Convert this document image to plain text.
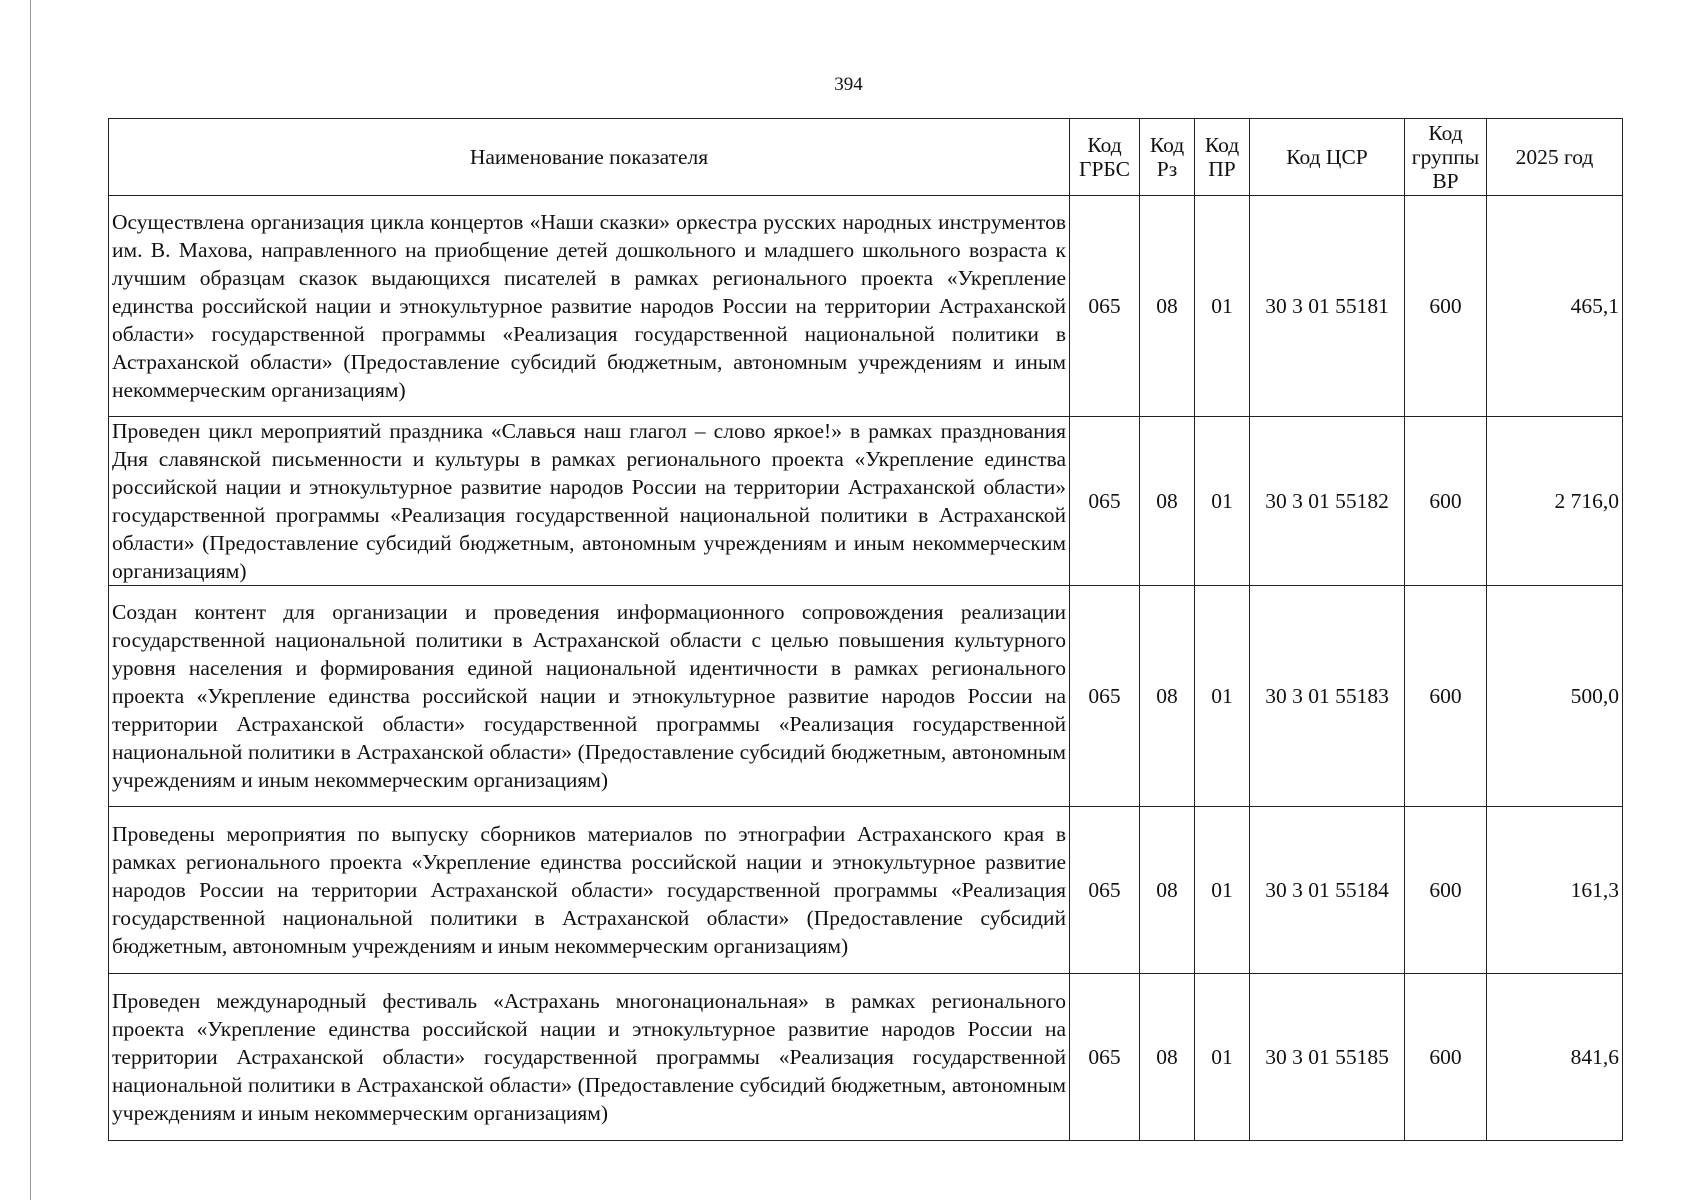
394
Наименование показателя	Код ГРБС	Код Рз	Код ПР	Код ЦСР	Код группы ВР	2025 год
Осуществлена организация цикла концертов «Наши сказки» оркестра русских народных инструментов им. В. Махова, направленного на приобщение детей дошкольного и младшего школьного возраста к лучшим образцам сказок выдающихся писателей в рамках регионального проекта «Укрепление единства российской нации и этнокультурное развитие народов России на территории Астраханской области» государственной программы «Реализация государственной национальной политики в Астраханской области» (Предоставление субсидий бюджетным, автономным учреждениям и иным некоммерческим организациям)	065	08	01	30 3 01 55181	600	465,1
Проведен цикл мероприятий праздника «Славься наш глагол – слово яркое!» в рамках празднования Дня славянской письменности и культуры в рамках регионального проекта «Укрепление единства российской нации и этнокультурное развитие народов России на территории Астраханской области» государственной программы «Реализация государственной национальной политики в Астраханской области» (Предоставление субсидий бюджетным, автономным учреждениям и иным некоммерческим организациям)	065	08	01	30 3 01 55182	600	2 716,0
Создан контент для организации и проведения информационного сопровождения реализации государственной национальной политики в Астраханской области с целью повышения культурного уровня населения и формирования единой национальной идентичности в рамках регионального проекта «Укрепление единства российской нации и этнокультурное развитие народов России на территории Астраханской области» государственной программы «Реализация государственной национальной политики в Астраханской области» (Предоставление субсидий бюджетным, автономным учреждениям и иным некоммерческим организациям)	065	08	01	30 3 01 55183	600	500,0
Проведены мероприятия по выпуску сборников материалов по этнографии Астраханского края в рамках регионального проекта «Укрепление единства российской нации и этнокультурное развитие народов России на территории Астраханской области» государственной программы «Реализация государственной национальной политики в Астраханской области» (Предоставление субсидий бюджетным, автономным учреждениям и иным некоммерческим организациям)	065	08	01	30 3 01 55184	600	161,3
Проведен международный фестиваль «Астрахань многонациональная» в рамках регионального проекта «Укрепление единства российской нации и этнокультурное развитие народов России на территории Астраханской области» государственной программы «Реализация государственной национальной политики в Астраханской области» (Предоставление субсидий бюджетным, автономным учреждениям и иным некоммерческим организациям)	065	08	01	30 3 01 55185	600	841,6
